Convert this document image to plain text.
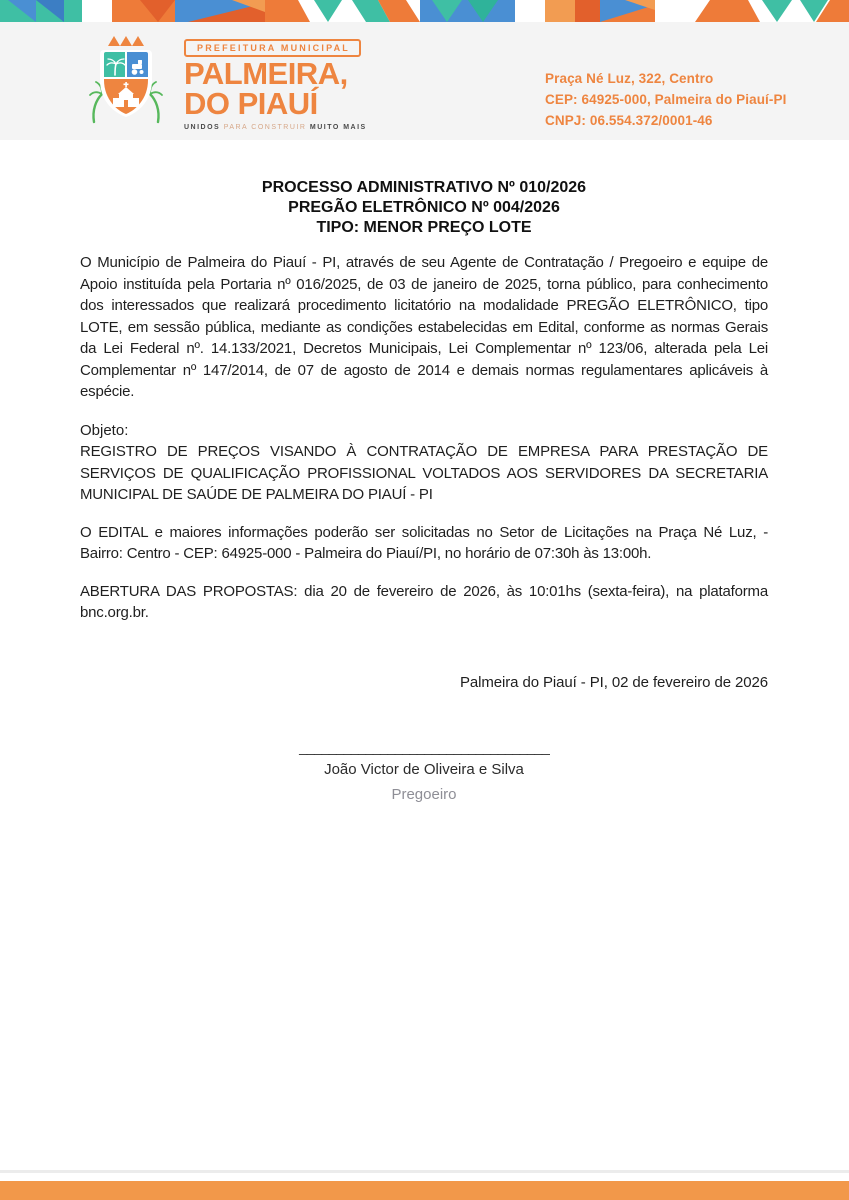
PREFEITURA MUNICIPAL
PALMEIRA,
DO PIAUÍ
UNIDOS PARA CONSTRUIR MUITO MAIS
Praça Né Luz, 322, Centro
CEP: 64925-000, Palmeira do Piauí-PI
CNPJ: 06.554.372/0001-46
PROCESSO ADMINISTRATIVO Nº 010/2026
PREGÃO ELETRÔNICO Nº 004/2026
TIPO: MENOR PREÇO LOTE

O Município de Palmeira do Piauí - PI, através de seu Agente de Contratação / Pregoeiro e equipe de Apoio instituída pela Portaria nº 016/2025, de 03 de janeiro de 2025, torna público, para conhecimento dos interessados que realizará procedimento licitatório na modalidade PREGÃO ELETRÔNICO, tipo LOTE, em sessão pública, mediante as condições estabelecidas em Edital, conforme as normas Gerais da Lei Federal nº. 14.133/2021, Decretos Municipais, Lei Complementar nº 123/06, alterada pela Lei Complementar nº 147/2014, de 07 de agosto de 2014 e demais normas regulamentares aplicáveis à espécie.

Objeto:

REGISTRO DE PREÇOS VISANDO À CONTRATAÇÃO DE EMPRESA PARA PRESTAÇÃO DE SERVIÇOS DE QUALIFICAÇÃO PROFISSIONAL VOLTADOS AOS SERVIDORES DA SECRETARIA MUNICIPAL DE SAÚDE DE PALMEIRA DO PIAUÍ - PI

O EDITAL e maiores informações poderão ser solicitadas no Setor de Licitações na Praça Né Luz, - Bairro: Centro - CEP: 64925-000 - Palmeira do Piauí/PI, no horário de 07:30h às 13:00h.

ABERTURA DAS PROPOSTAS: dia 20 de fevereiro de 2026, às 10:01hs (sexta-feira), na plataforma bnc.org.br.

Palmeira do Piauí - PI, 02 de fevereiro de 2026
__________________________________
João Victor de Oliveira e Silva
Pregoeiro
